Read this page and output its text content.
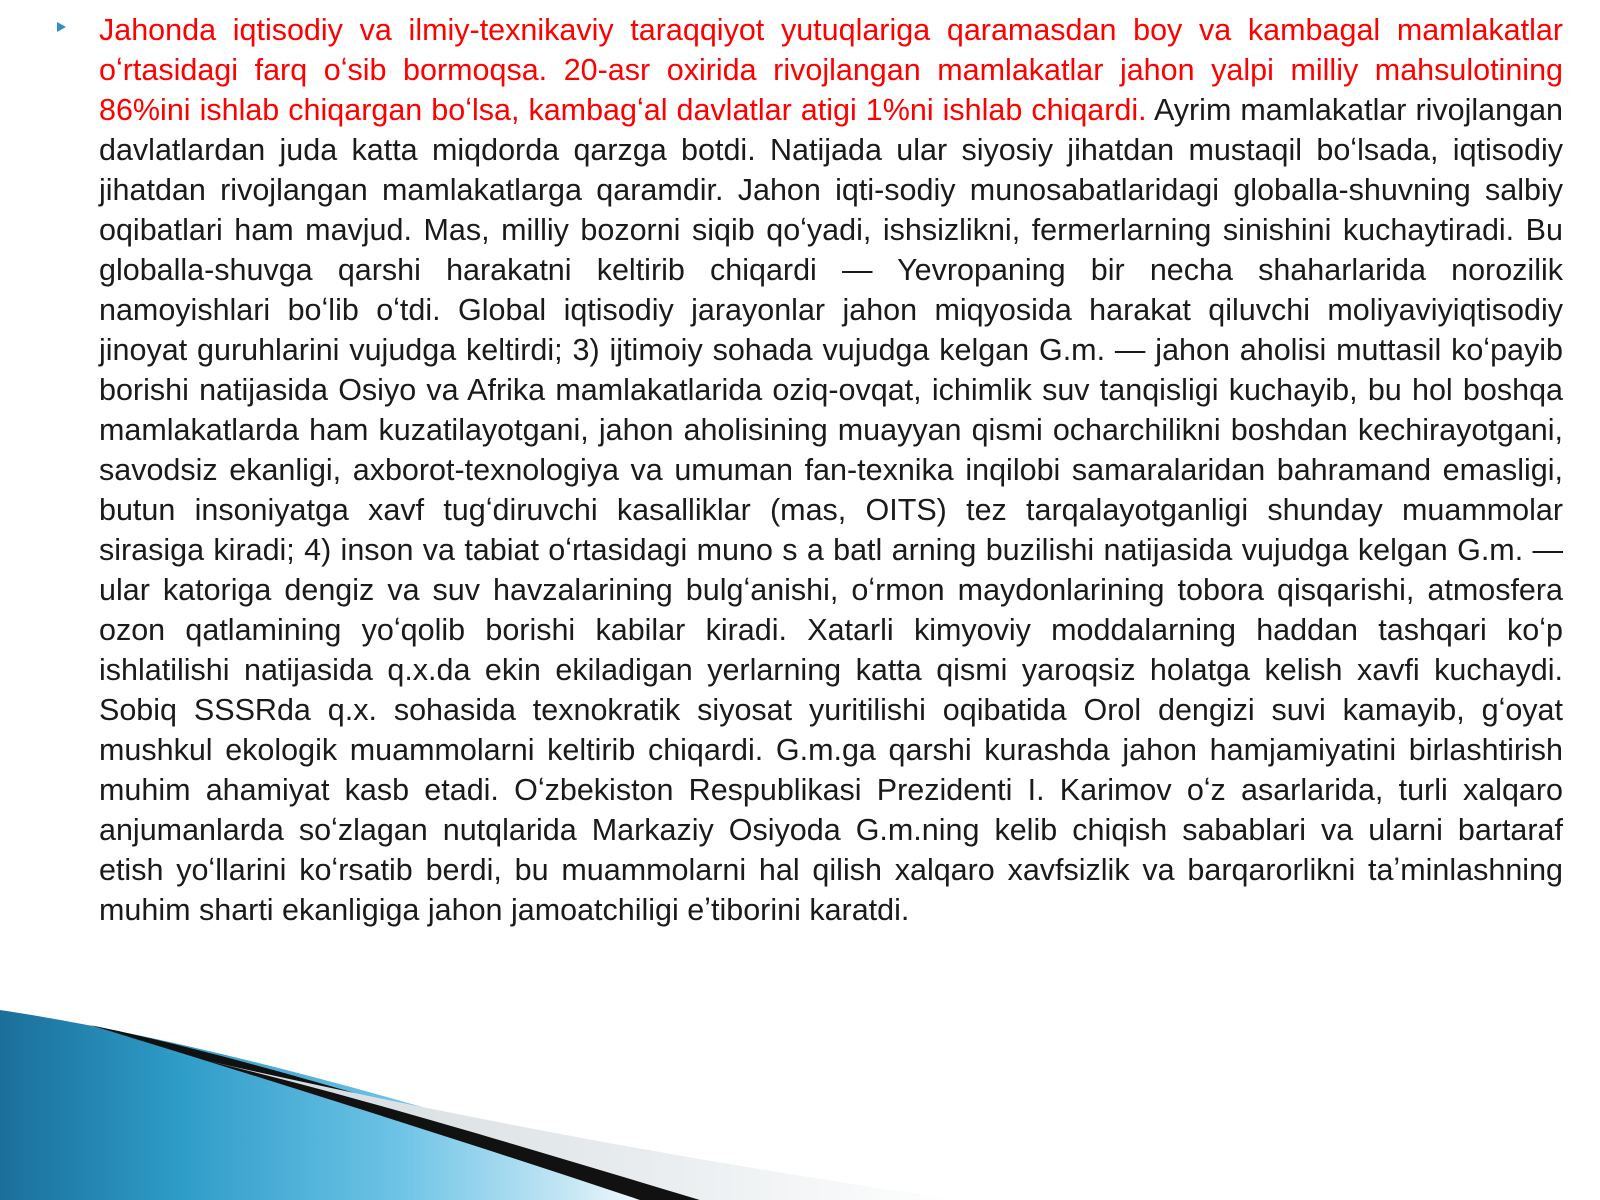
Jahonda iqtisodiy va ilmiy-texnikaviy taraqqiyot yutuqlariga qaramasdan boy va kambagal mamlakatlar oʻrtasidagi farq oʻsib bormoqsa. 20-asr oxirida rivojlangan mamlakatlar jahon yalpi milliy mahsulotining 86%ini ishlab chiqargan boʻlsa, kambagʻal davlatlar atigi 1%ni ishlab chiqardi. Ayrim mamlakatlar rivojlangan davlatlardan juda katta miqdorda qarzga botdi. Natijada ular siyosiy jihatdan mustaqil boʻlsada, iqtisodiy jihatdan rivojlangan mamlakatlarga qaramdir. Jahon iqti-sodiy munosabatlaridagi globalla-shuvning salbiy oqibatlari ham mavjud. Mas, milliy bozorni siqib qoʻyadi, ishsizlikni, fermerlarning sinishini kuchaytiradi. Bu globalla-shuvga qarshi harakatni keltirib chiqardi — Yevropaning bir necha shaharlarida norozilik namoyishlari boʻlib oʻtdi. Global iqtisodiy jarayonlar jahon miqyosida harakat qiluvchi moliyaviyiqtisodiy jinoyat guruhlarini vujudga keltirdi; 3) ijtimoiy sohada vujudga kelgan G.m. — jahon aholisi muttasil koʻpayib borishi natijasida Osiyo va Afrika mamlakatlarida oziq-ovqat, ichimlik suv tanqisligi kuchayib, bu hol boshqa mamlakatlarda ham kuzatilayotgani, jahon aholisining muayyan qismi ocharchilikni boshdan kechirayotgani, savodsiz ekanligi, axborot-texnologiya va umuman fan-texnika inqilobi samaralaridan bahramand emasligi, butun insoniyatga xavf tugʻdiruvchi kasalliklar (mas, OITS) tez tarqalayotganligi shunday muammolar sirasiga kiradi; 4) inson va tabiat oʻrtasidagi muno s a batl arning buzilishi natijasida vujudga kelgan G.m. — ular katoriga dengiz va suv havzalarining bulgʻanishi, oʻrmon maydonlarining tobora qisqarishi, atmosfera ozon qatlamining yoʻqolib borishi kabilar kiradi. Xatarli kimyoviy moddalarning haddan tashqari koʻp ishlatilishi natijasida q.x.da ekin ekiladigan yerlarning katta qismi yaroqsiz holatga kelish xavfi kuchaydi. Sobiq SSSRda q.x. sohasida texnokratik siyosat yuritilishi oqibatida Orol dengizi suvi kamayib, gʻoyat mushkul ekologik muammolarni keltirib chiqardi. G.m.ga qarshi kurashda jahon hamjamiyatini birlashtirish muhim ahamiyat kasb etadi. Oʻzbekiston Respublikasi Prezidenti I. Karimov oʻz asarlarida, turli xalqaro anjumanlarda soʻzlagan nutqlarida Markaziy Osiyoda G.m.ning kelib chiqish sabablari va ularni bartaraf etish yoʻllarini koʻrsatib berdi, bu muammolarni hal qilish xalqaro xavfsizlik va barqarorlikni taʼminlashning muhim sharti ekanligiga jahon jamoatchiligi eʼtiborini karatdi.
